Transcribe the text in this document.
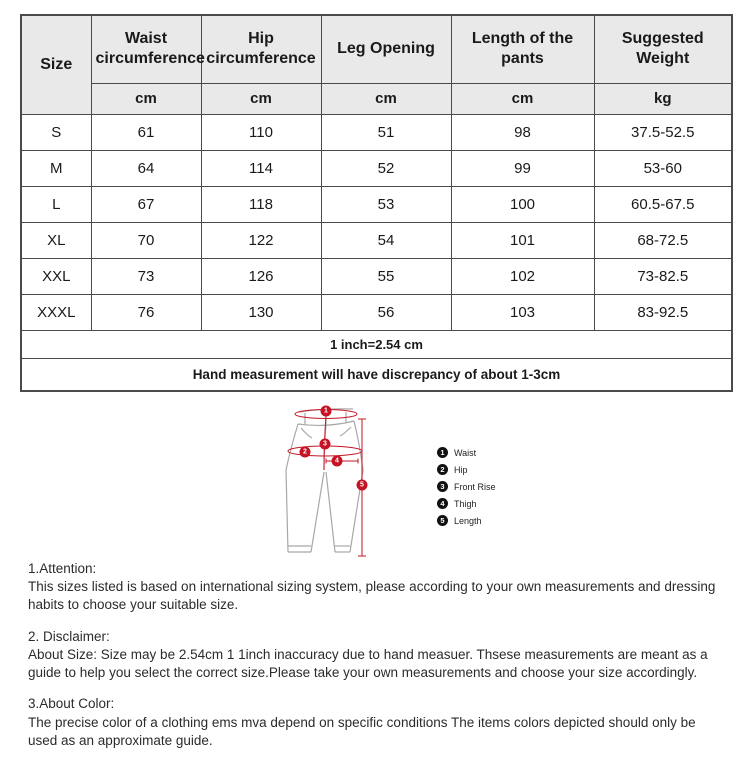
Size	Waist circumference	Hip circumference	Leg Opening	Length of the pants	Suggested Weight
	cm	cm	cm	cm	kg
S	61	110	51	98	37.5-52.5
M	64	114	52	99	53-60
L	67	118	53	100	60.5-67.5
XL	70	122	54	101	68-72.5
XXL	73	126	55	102	73-82.5
XXXL	76	130	56	103	83-92.5
1 inch=2.54 cm					
Hand measurement will have discrepancy of about 1-3cm					
1
2
3
4
5
1	Waist
2	Hip
3	Front Rise
4	Thigh
5	Length
1.Attention:
This sizes listed is based on international sizing system, please according to your own measurements and dressing habits to choose your suitable size.
2. Disclaimer:
About Size: Size may be 2.54cm 1 1inch inaccuracy due to hand measuer. Thsese measurements are meant as a guide to help you select the correct size.Please take your own measurements and choose your size accordingly.
3.About Color:
The precise color of a clothing ems mva depend on specific conditions The items colors depicted should only be   used as an approximate guide.
